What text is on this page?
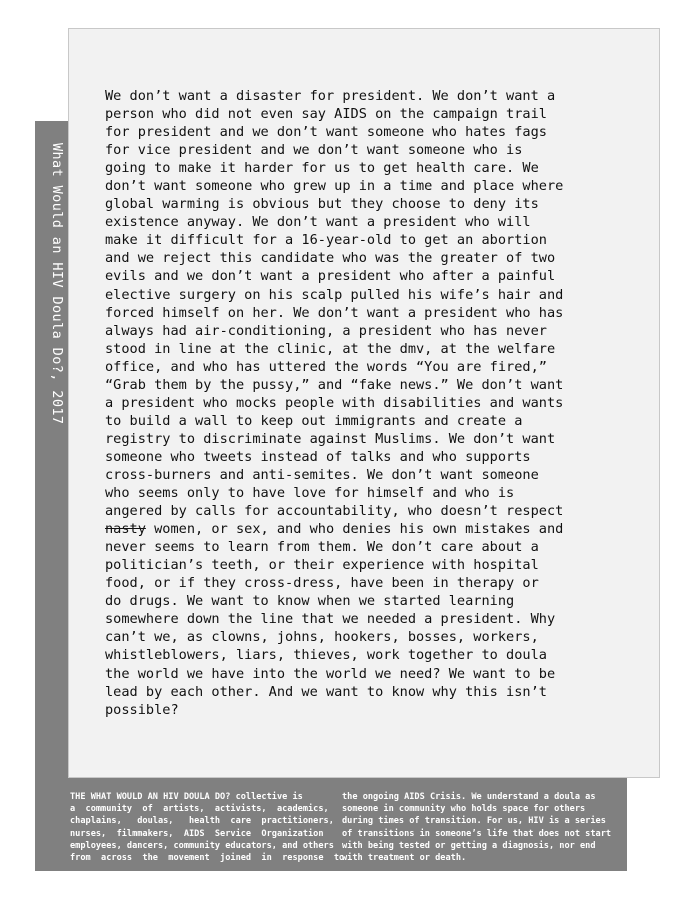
What Would an HIV Doula Do?, 2017

We don’t want a disaster for president. We don’t want a
person who did not even say AIDS on the campaign trail
for president and we don’t want someone who hates fags
for vice president and we don’t want someone who is
going to make it harder for us to get health care. We
don’t want someone who grew up in a time and place where
global warming is obvious but they choose to deny its
existence anyway. We don’t want a president who will
make it difficult for a 16-year-old to get an abortion
and we reject this candidate who was the greater of two
evils and we don’t want a president who after a painful
elective surgery on his scalp pulled his wife’s hair and
forced himself on her. We don’t want a president who has
always had air-conditioning, a president who has never
stood in line at the clinic, at the dmv, at the welfare
office, and who has uttered the words “You are fired,”
“Grab them by the pussy,” and “fake news.” We don’t want
a president who mocks people with disabilities and wants
to build a wall to keep out immigrants and create a
registry to discriminate against Muslims. We don’t want
someone who tweets instead of talks and who supports
cross-burners and anti-semites. We don’t want someone
who seems only to have love for himself and who is
angered by calls for accountability, who doesn’t respect
nasty women, or sex, and who denies his own mistakes and
never seems to learn from them. We don’t care about a
politician’s teeth, or their experience with hospital
food, or if they cross-dress, have been in therapy or
do drugs. We want to know when we started learning
somewhere down the line that we needed a president. Why
can’t we, as clowns, johns, hookers, bosses, workers,
whistleblowers, liars, thieves, work together to doula
the world we have into the world we need? We want to be
lead by each other. And we want to know why this isn’t
possible?

THE WHAT WOULD AN HIV DOULA DO? collective is
a  community  of  artists,  activists,  academics,
chaplains,   doulas,   health  care  practitioners,
nurses,  filmmakers,  AIDS  Service  Organization
employees, dancers, community educators, and others
from  across  the  movement  joined  in  response

the ongoing AIDS Crisis. We understand a doula as
someone in community who holds space for others
during times of transition. For us, HIV is a series
of transitions in someone’s life that does not start
with being tested or getting a diagnosis, nor end
with treatment or death.
